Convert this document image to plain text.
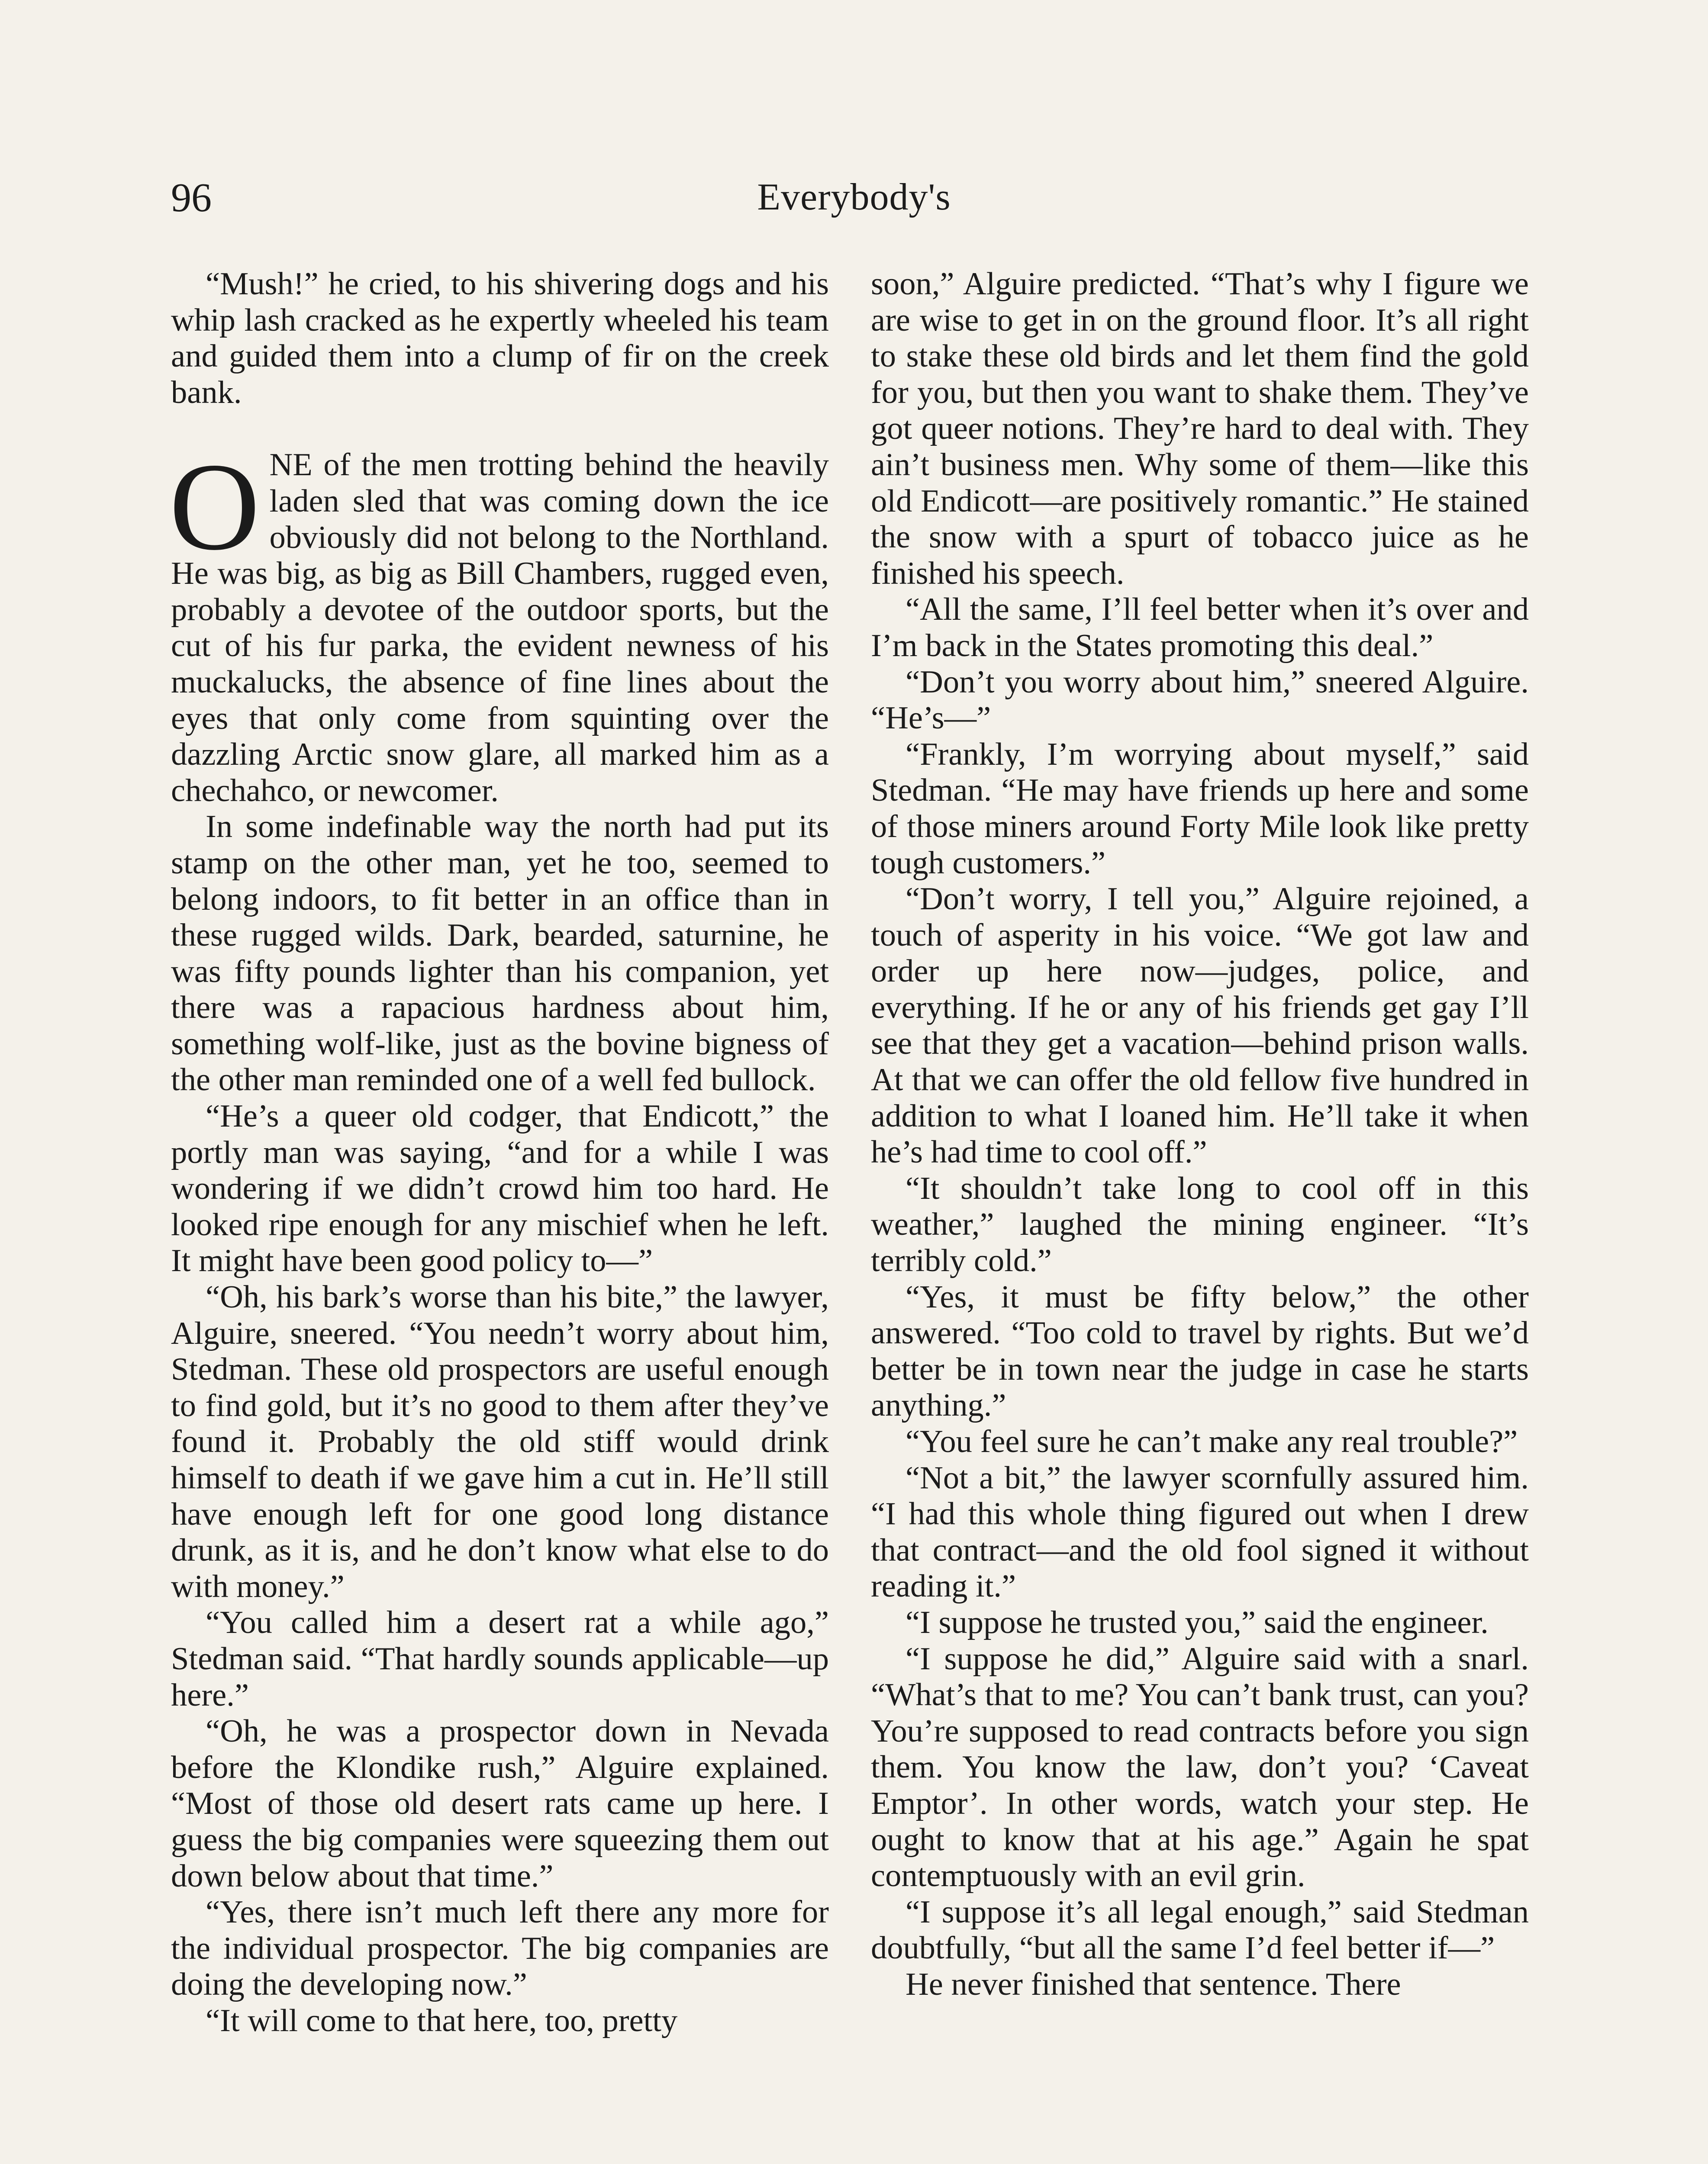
96	Everybody's

“Mush!” he cried, to his shivering dogs and his whip lash cracked as he expertly wheeled his team and guided them into a clump of fir on the creek bank.

ONE of the men trotting behind the heavily laden sled that was coming down the ice obviously did not belong to the Northland. He was big, as big as Bill Chambers, rugged even, probably a devotee of the outdoor sports, but the cut of his fur parka, the evident newness of his muckalucks, the absence of fine lines about the eyes that only come from squinting over the dazzling Arctic snow glare, all marked him as a chechahco, or newcomer.

In some indefinable way the north had put its stamp on the other man, yet he too, seemed to belong indoors, to fit better in an office than in these rugged wilds. Dark, bearded, saturnine, he was fifty pounds lighter than his companion, yet there was a rapacious hardness about him, something wolf-like, just as the bovine bigness of the other man reminded one of a well fed bullock.

“He’s a queer old codger, that Endicott,” the portly man was saying, “and for a while I was wondering if we didn’t crowd him too hard. He looked ripe enough for any mischief when he left. It might have been good policy to—”

“Oh, his bark’s worse than his bite,” the lawyer, Alguire, sneered. “You needn’t worry about him, Stedman. These old prospectors are useful enough to find gold, but it’s no good to them after they’ve found it. Probably the old stiff would drink himself to death if we gave him a cut in. He’ll still have enough left for one good long distance drunk, as it is, and he don’t know what else to do with money.”

“You called him a desert rat a while ago,” Stedman said. “That hardly sounds applicable—up here.”

“Oh, he was a prospector down in Nevada before the Klondike rush,” Alguire explained. “Most of those old desert rats came up here. I guess the big companies were squeezing them out down below about that time.”

“Yes, there isn’t much left there any more for the individual prospector. The big companies are doing the developing now.”

“It will come to that here, too, pretty

soon,” Alguire predicted. “That’s why I figure we are wise to get in on the ground floor. It’s all right to stake these old birds and let them find the gold for you, but then you want to shake them. They’ve got queer notions. They’re hard to deal with. They ain’t business men. Why some of them—like this old Endicott—are positively romantic.” He stained the snow with a spurt of tobacco juice as he finished his speech.

“All the same, I’ll feel better when it’s over and I’m back in the States promoting this deal.”

“Don’t you worry about him,” sneered Alguire. “He’s—”

“Frankly, I’m worrying about myself,” said Stedman. “He may have friends up here and some of those miners around Forty Mile look like pretty tough customers.”

“Don’t worry, I tell you,” Alguire rejoined, a touch of asperity in his voice. “We got law and order up here now—judges, police, and everything. If he or any of his friends get gay I’ll see that they get a vacation—behind prison walls. At that we can offer the old fellow five hundred in addition to what I loaned him. He’ll take it when he’s had time to cool off.”

“It shouldn’t take long to cool off in this weather,” laughed the mining engineer. “It’s terribly cold.”

“Yes, it must be fifty below,” the other answered. “Too cold to travel by rights. But we’d better be in town near the judge in case he starts anything.”

“You feel sure he can’t make any real trouble?”

“Not a bit,” the lawyer scornfully assured him. “I had this whole thing figured out when I drew that contract—and the old fool signed it without reading it.”

“I suppose he trusted you,” said the engineer.

“I suppose he did,” Alguire said with a snarl. “What’s that to me? You can’t bank trust, can you? You’re supposed to read contracts before you sign them. You know the law, don’t you? ‘Caveat Emptor’. In other words, watch your step. He ought to know that at his age.” Again he spat contemptuously with an evil grin.

“I suppose it’s all legal enough,” said Stedman doubtfully, “but all the same I’d feel better if—”

He never finished that sentence. There
